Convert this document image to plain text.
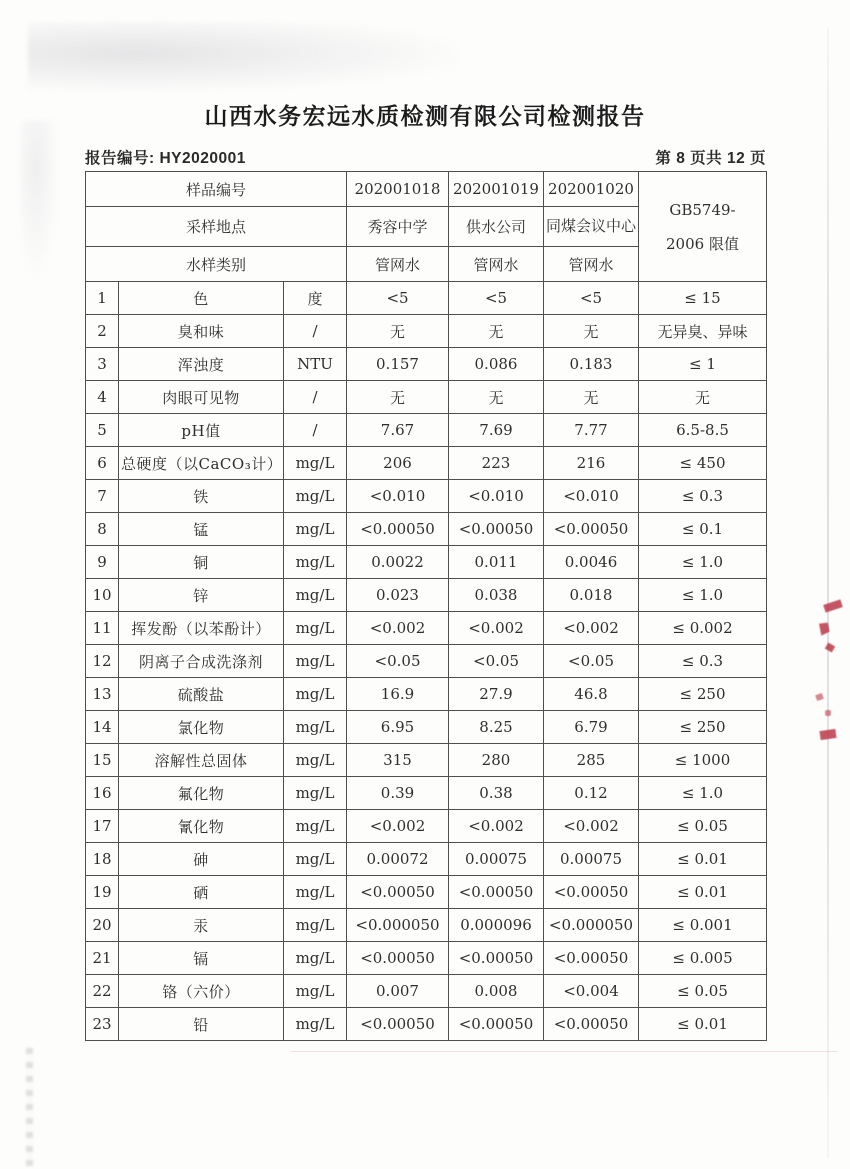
山西水务宏远水质检测有限公司检测报告
报告编号: HY2020001	第 8 页共 12 页
样品编号			202001018	202001019	202001020	GB5749-
2006 限值

采样地点			秀容中学	供水公司	同煤会议中心	
水样类别			管网水	管网水	管网水	
1	色	度	<5	<5	<5	≤ 15
2	臭和味	/	无	无	无	无异臭、异味
3	浑浊度	NTU	0.157	0.086	0.183	≤ 1
4	肉眼可见物	/	无	无	无	无
5	pH值	/	7.67	7.69	7.77	6.5-8.5
6	总硬度（以CaCO₃计）	mg/L	206	223	216	≤ 450
7	铁	mg/L	<0.010	<0.010	<0.010	≤ 0.3
8	锰	mg/L	<0.00050	<0.00050	<0.00050	≤ 0.1
9	铜	mg/L	0.0022	0.011	0.0046	≤ 1.0
10	锌	mg/L	0.023	0.038	0.018	≤ 1.0
11	挥发酚（以苯酚计）	mg/L	<0.002	<0.002	<0.002	≤ 0.002
12	阴离子合成洗涤剂	mg/L	<0.05	<0.05	<0.05	≤ 0.3
13	硫酸盐	mg/L	16.9	27.9	46.8	≤ 250
14	氯化物	mg/L	6.95	8.25	6.79	≤ 250
15	溶解性总固体	mg/L	315	280	285	≤ 1000
16	氟化物	mg/L	0.39	0.38	0.12	≤ 1.0
17	氰化物	mg/L	<0.002	<0.002	<0.002	≤ 0.05
18	砷	mg/L	0.00072	0.00075	0.00075	≤ 0.01
19	硒	mg/L	<0.00050	<0.00050	<0.00050	≤ 0.01
20	汞	mg/L	<0.000050	0.000096	<0.000050	≤ 0.001
21	镉	mg/L	<0.00050	<0.00050	<0.00050	≤ 0.005
22	铬（六价）	mg/L	0.007	0.008	<0.004	≤ 0.05
23	铅	mg/L	<0.00050	<0.00050	<0.00050	≤ 0.01
